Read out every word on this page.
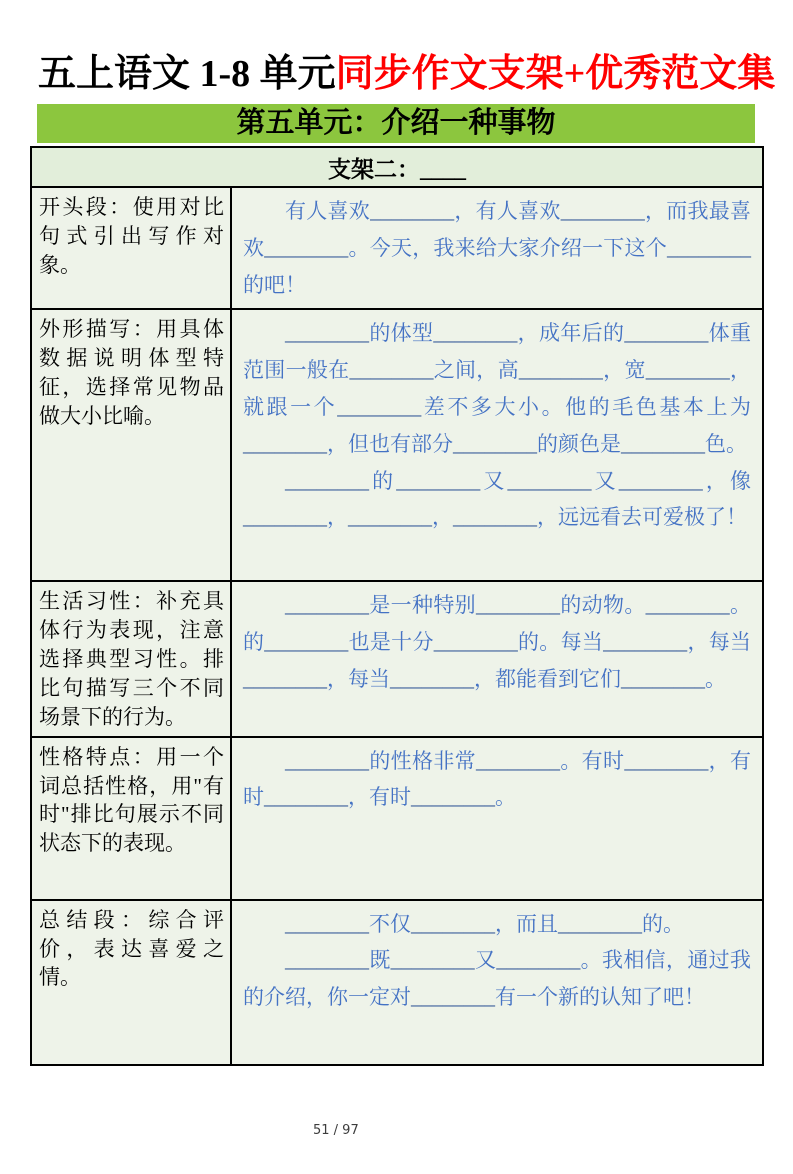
五上语文 1-8 单元同步作文支架+优秀范文集
第五单元：介绍一种事物
支架二：____	
开头段：使用对比句式引出写作对象。	有人喜欢________，有人喜欢________，而我最喜欢________。今天，我来给大家介绍一下这个________的吧！

外形描写：用具体数据说明体型特征，选择常见物品做大小比喻。	________的体型________，成年后的________体重范围一般在________之间，高________，宽________，就跟一个________差不多大小。他的毛色基本上为________，但也有部分________的颜色是________色。

________的________又________又________，像________，________，________，远远看去可爱极了！

生活习性：补充具体行为表现，注意选择典型习性。排比句描写三个不同场景下的行为。	________是一种特别________的动物。________。的________也是十分________的。每当________，每当________，每当________，都能看到它们________。

性格特点：用一个词总括性格，用"有时"排比句展示不同状态下的表现。	________的性格非常________。有时________，有时________，有时________。

总结段：综合评价，表达喜爱之情。	________不仅________，而且________的。

________既________又________。我相信，通过我的介绍，你一定对________有一个新的认知了吧！

51 / 97
